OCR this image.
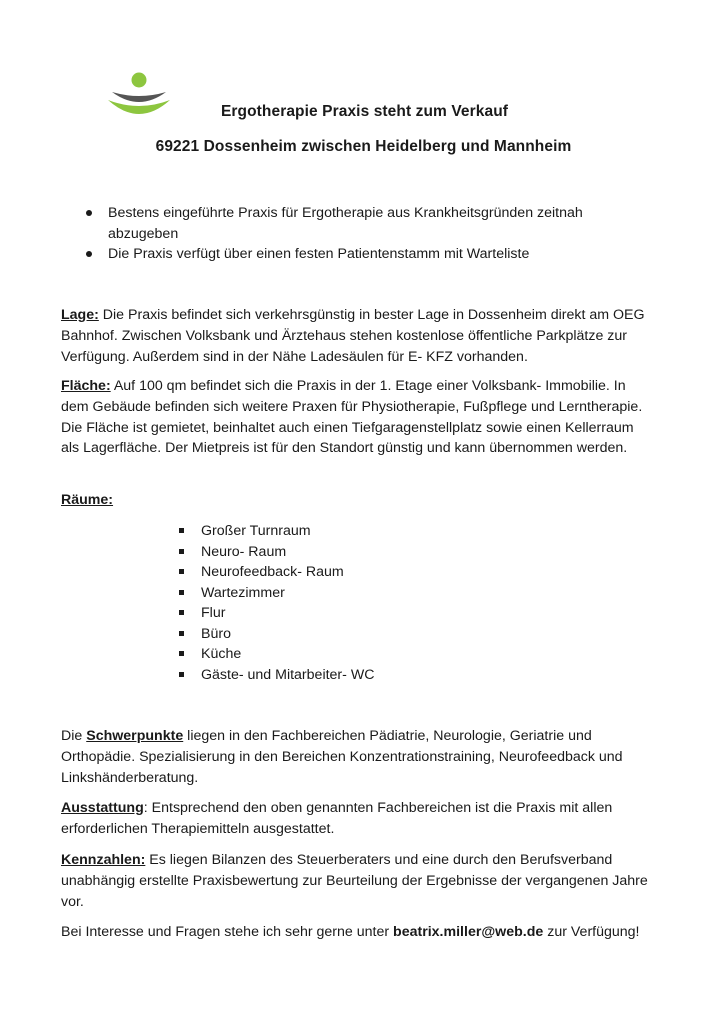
Ergotherapie Praxis steht zum Verkauf
69221 Dossenheim zwischen Heidelberg und Mannheim
Bestens eingeführte Praxis für Ergotherapie aus Krankheitsgründen zeitnah abzugeben
Die Praxis verfügt über einen festen Patientenstamm mit Warteliste

Lage: Die Praxis befindet sich verkehrsgünstig in bester Lage in Dossenheim direkt am OEG Bahnhof. Zwischen Volksbank und Ärztehaus stehen kostenlose öffentliche Parkplätze zur Verfügung. Außerdem sind in der Nähe Ladesäulen für E- KFZ vorhanden.

Fläche: Auf 100 qm befindet sich die Praxis in der 1. Etage einer Volksbank- Immobilie. In dem Gebäude befinden sich weitere Praxen für Physiotherapie, Fußpflege und Lerntherapie. Die Fläche ist gemietet, beinhaltet auch einen Tiefgaragenstellplatz sowie einen Kellerraum als Lagerfläche. Der Mietpreis ist für den Standort günstig und kann übernommen werden.

Räume:

Großer Turnraum
Neuro- Raum
Neurofeedback- Raum
Wartezimmer
Flur
Büro
Küche
Gäste- und Mitarbeiter- WC

Die Schwerpunkte liegen in den Fachbereichen Pädiatrie, Neurologie, Geriatrie und Orthopädie. Spezialisierung in den Bereichen Konzentrationstraining, Neurofeedback und Linkshänderberatung.

Ausstattung: Entsprechend den oben genannten Fachbereichen ist die Praxis mit allen erforderlichen Therapiemitteln ausgestattet.

Kennzahlen: Es liegen Bilanzen des Steuerberaters und eine durch den Berufsverband unabhängig erstellte Praxisbewertung zur Beurteilung der Ergebnisse der vergangenen Jahre vor.

Bei Interesse und Fragen stehe ich sehr gerne unter beatrix.miller@web.de zur Verfügung!
